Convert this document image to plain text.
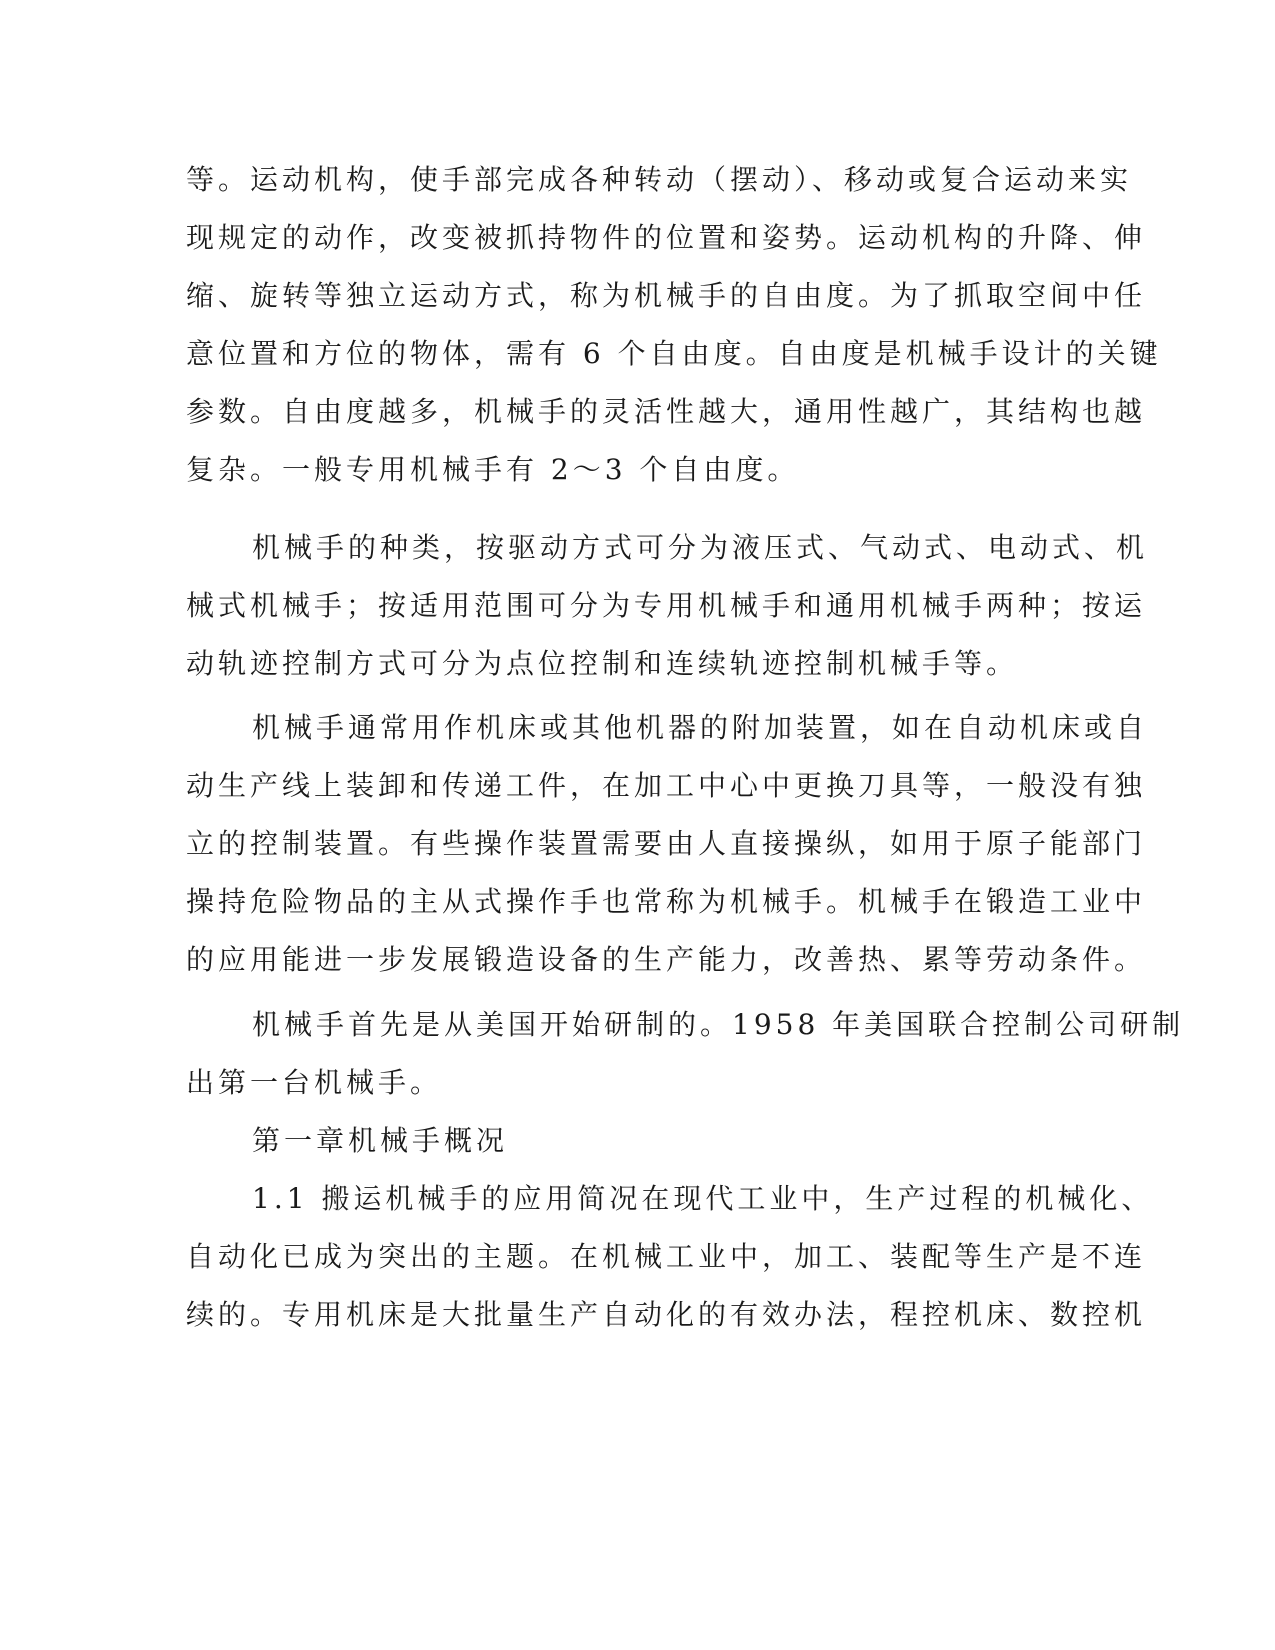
等。运动机构，使手部完成各种转动（摆动）、移动或复合运动来实
现规定的动作，改变被抓持物件的位置和姿势。运动机构的升降、伸
缩、旋转等独立运动方式，称为机械手的自由度。为了抓取空间中任
意位置和方位的物体，需有 6 个自由度。自由度是机械手设计的关键
参数。自由度越多，机械手的灵活性越大，通用性越广，其结构也越
复杂。一般专用机械手有 2～3 个自由度。
机械手的种类，按驱动方式可分为液压式、气动式、电动式、机
械式机械手；按适用范围可分为专用机械手和通用机械手两种；按运
动轨迹控制方式可分为点位控制和连续轨迹控制机械手等。
机械手通常用作机床或其他机器的附加装置，如在自动机床或自
动生产线上装卸和传递工件，在加工中心中更换刀具等，一般没有独
立的控制装置。有些操作装置需要由人直接操纵，如用于原子能部门
操持危险物品的主从式操作手也常称为机械手。机械手在锻造工业中
的应用能进一步发展锻造设备的生产能力，改善热、累等劳动条件。
机械手首先是从美国开始研制的。1958 年美国联合控制公司研制
出第一台机械手。
第一章机械手概况
1.1 搬运机械手的应用简况在现代工业中，生产过程的机械化、
自动化已成为突出的主题。在机械工业中，加工、装配等生产是不连
续的。专用机床是大批量生产自动化的有效办法，程控机床、数控机
